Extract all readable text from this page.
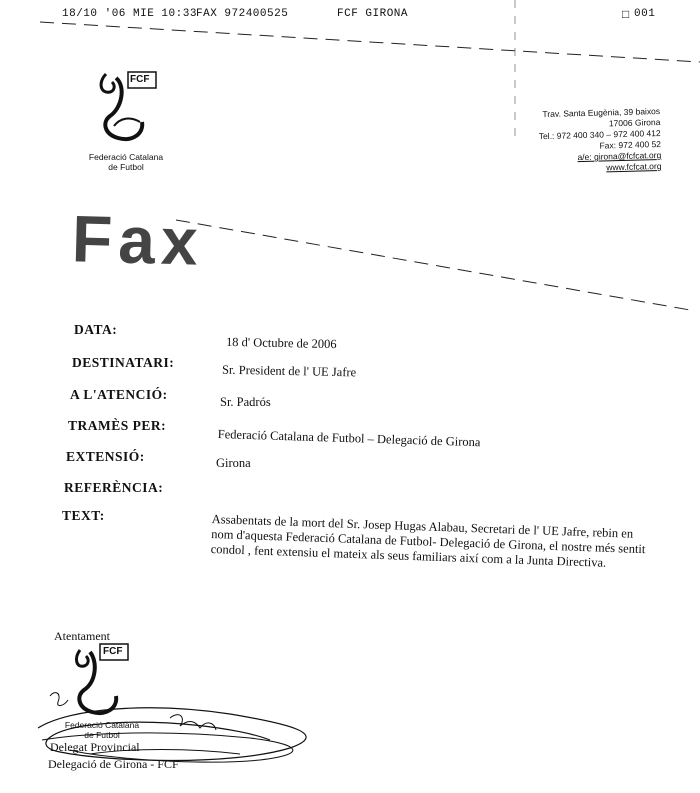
18/10 '06 MIE 10:33 FAX 972400525	FCF GIRONA	□ 001
FCF
Federació Catalana
de Futbol
Trav. Santa Eugènia, 39 baixos
17006 Girona
Tel.: 972 400 340 – 972 400 412
Fax: 972 400 52
a/e: girona@fcfcat.org
www.fcfcat.org
Fax
DATA:
DESTINATARI:
A L'ATENCIÓ:
TRAMÈS PER:
EXTENSIÓ:
REFERÈNCIA:
TEXT:
18 d' Octubre de 2006
Sr. President de l' UE Jafre
Sr. Padrós
Federació Catalana de Futbol – Delegació de Girona
Girona
Assabentats de la mort del Sr. Josep Hugas Alabau, Secretari de l' UE Jafre, rebin en nom d'aquesta Federació Catalana de Futbol- Delegació de Girona, el nostre més sentit condol , fent extensiu el mateix als seus familiars així com a la Junta Directiva.
Atentament
FCF
Federació Catalana
de Futbol
Delegat Provincial
Delegació de Girona - FCF
